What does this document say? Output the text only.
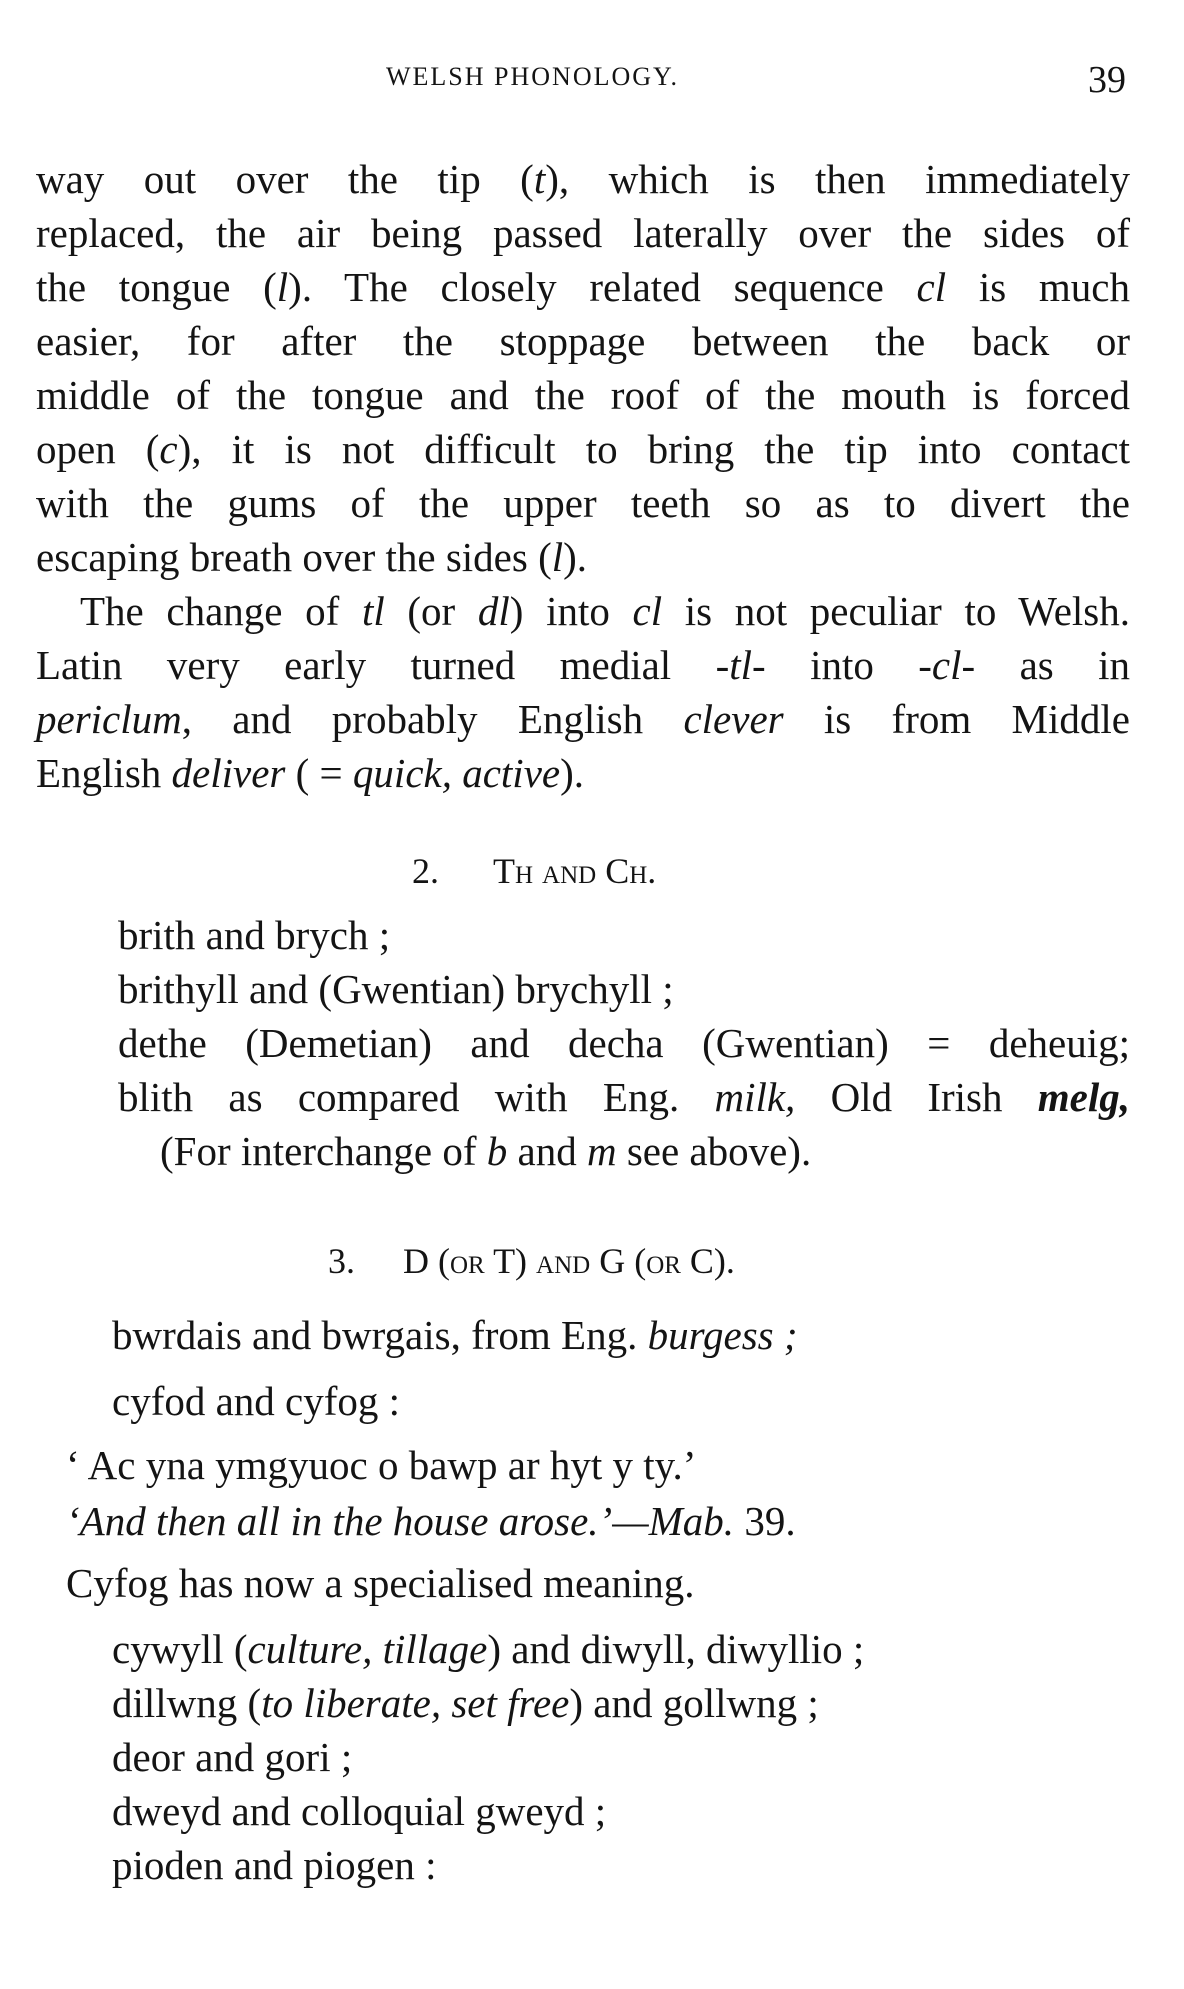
WELSH PHONOLOGY.	39
way out over the tip (t), which is then immediately
replaced, the air being passed laterally over the sides of
the tongue (l). The closely related sequence cl is much
easier, for after the stoppage between the back or
middle of the tongue and the roof of the mouth is forced
open (c), it is not difficult to bring the tip into contact
with the gums of the upper teeth so as to divert the
escaping breath over the sides (l).
The change of tl (or dl) into cl is not peculiar to Welsh.
Latin very early turned medial -tl- into -cl- as in
periclum, and probably English clever is from Middle
English deliver ( = quick, active).
2. Th and Ch.
brith and brych ;
brithyll and (Gwentian) brychyll ;
dethe (Demetian) and decha (Gwentian) = deheuig;
blith as compared with Eng. milk, Old Irish melg,
(For interchange of b and m see above).
3. D (or T) and G (or C).
bwrdais and bwrgais, from Eng. burgess ;
cyfod and cyfog :
‘ Ac yna ymgyuoc o bawp ar hyt y ty.’
‘And then all in the house arose.’—Mab. 39.
Cyfog has now a specialised meaning.
cywyll (culture, tillage) and diwyll, diwyllio ;
dillwng (to liberate, set free) and gollwng ;
deor and gori ;
dweyd and colloquial gweyd ;
pioden and piogen :
